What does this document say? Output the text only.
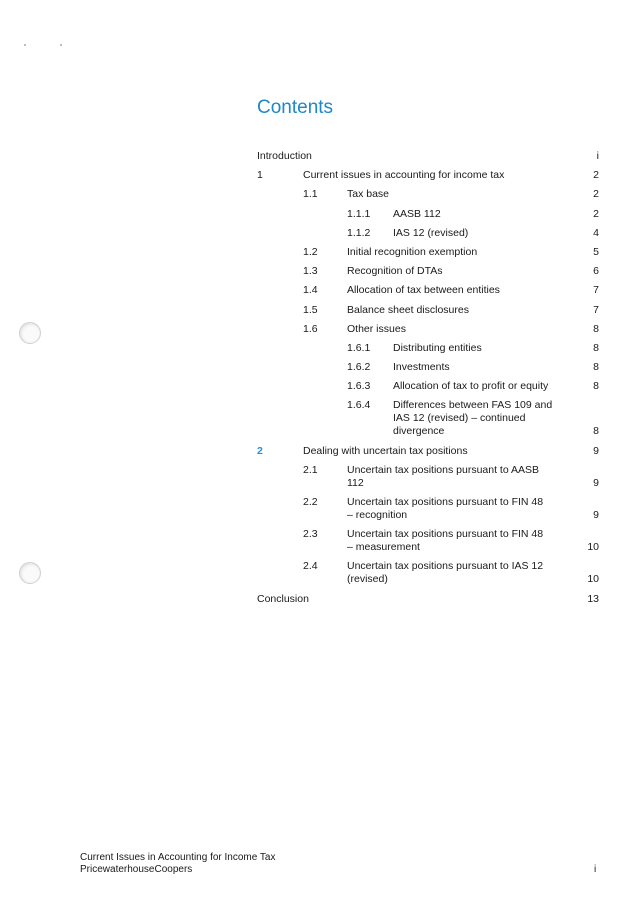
Contents
Introduction	i
1	Current issues in accounting for income tax	2
1.1	Tax base	2
1.1.1 AASB 112	2
1.1.2 IAS 12 (revised)	4
1.2	Initial recognition exemption	5
1.3	Recognition of DTAs	6
1.4	Allocation of tax between entities	7
1.5	Balance sheet disclosures	7
1.6	Other issues	8
1.6.1 Distributing entities	8
1.6.2 Investments	8
1.6.3 Allocation of tax to profit or equity	8
1.6.4 Differences between FAS 109 and IAS 12 (revised) – continued divergence	8
2	Dealing with uncertain tax positions	9
2.1	Uncertain tax positions pursuant to AASB 112	9
2.2	Uncertain tax positions pursuant to FIN 48 – recognition	9
2.3	Uncertain tax positions pursuant to FIN 48 – measurement	10
2.4	Uncertain tax positions pursuant to IAS 12 (revised)	10
Conclusion	13
Current Issues in Accounting for Income Tax
PricewaterhouseCoopers	i
